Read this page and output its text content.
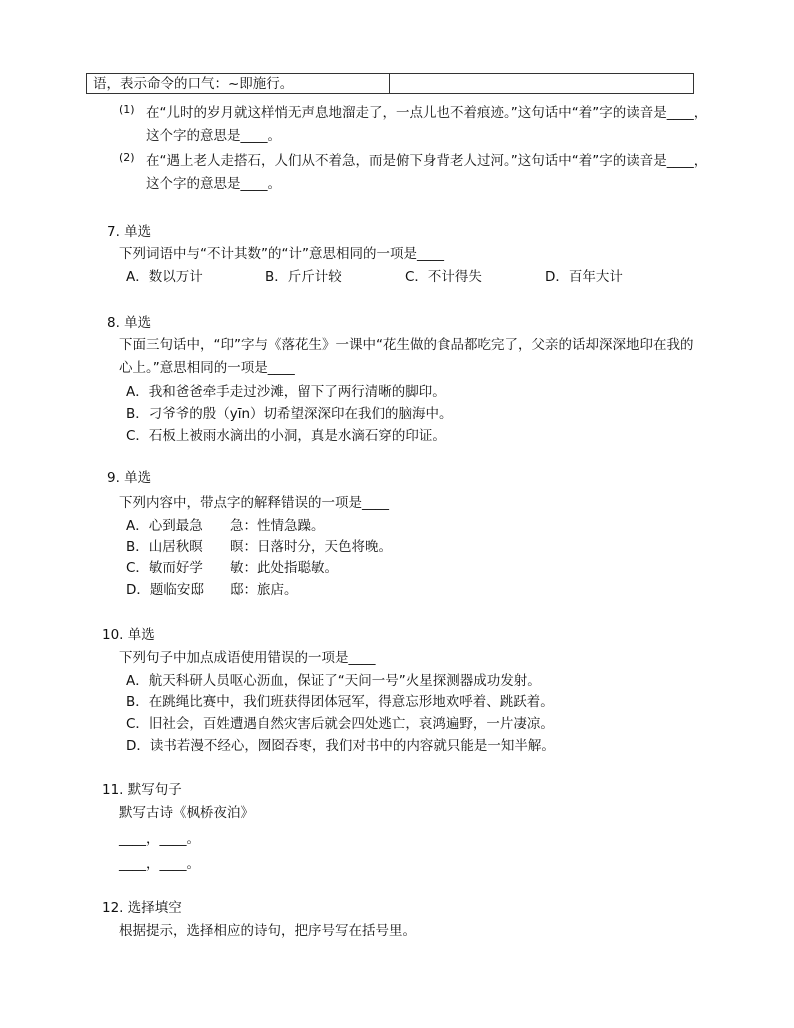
语，表示命令的口气：~即施行。
(1) 在“儿时的岁月就这样悄无声息地溜走了，一点儿也不着痕迹。”这句话中“着”字的读音是____，
这个字的意思是____。
(2) 在“遇上老人走搭石，人们从不着急，而是俯下身背老人过河。”这句话中“着”字的读音是____，
这个字的意思是____。
7. 单选
下列词语中与“不计其数”的“计”意思相同的一项是____
A．数以万计	B．斤斤计较	C．不计得失	D．百年大计
8. 单选
下面三句话中，“印”字与《落花生》一课中“花生做的食品都吃完了，父亲的话却深深地印在我的
心上。”意思相同的一项是____
A．我和爸爸牵手走过沙滩，留下了两行清晰的脚印。
B．刁爷爷的殷（yīn）切希望深深印在我们的脑海中。
C．石板上被雨水滴出的小洞，真是水滴石穿的印证。
9. 单选
下列内容中，带点字的解释错误的一项是____
A．心到最急 急：性情急躁。
B．山居秋暝 暝：日落时分，天色将晚。
C．敏而好学 敏：此处指聪敏。
D．题临安邸 邸：旅店。
10. 单选
下列句子中加点成语使用错误的一项是____
A．航天科研人员呕心沥血，保证了“天问一号”火星探测器成功发射。
B．在跳绳比赛中，我们班获得团体冠军，得意忘形地欢呼着、跳跃着。
C．旧社会，百姓遭遇自然灾害后就会四处逃亡，哀鸿遍野，一片凄凉。
D．读书若漫不经心，囫囵吞枣，我们对书中的内容就只能是一知半解。
11. 默写句子
默写古诗《枫桥夜泊》
____，____。
____，____。
12. 选择填空
根据提示，选择相应的诗句，把序号写在括号里。
